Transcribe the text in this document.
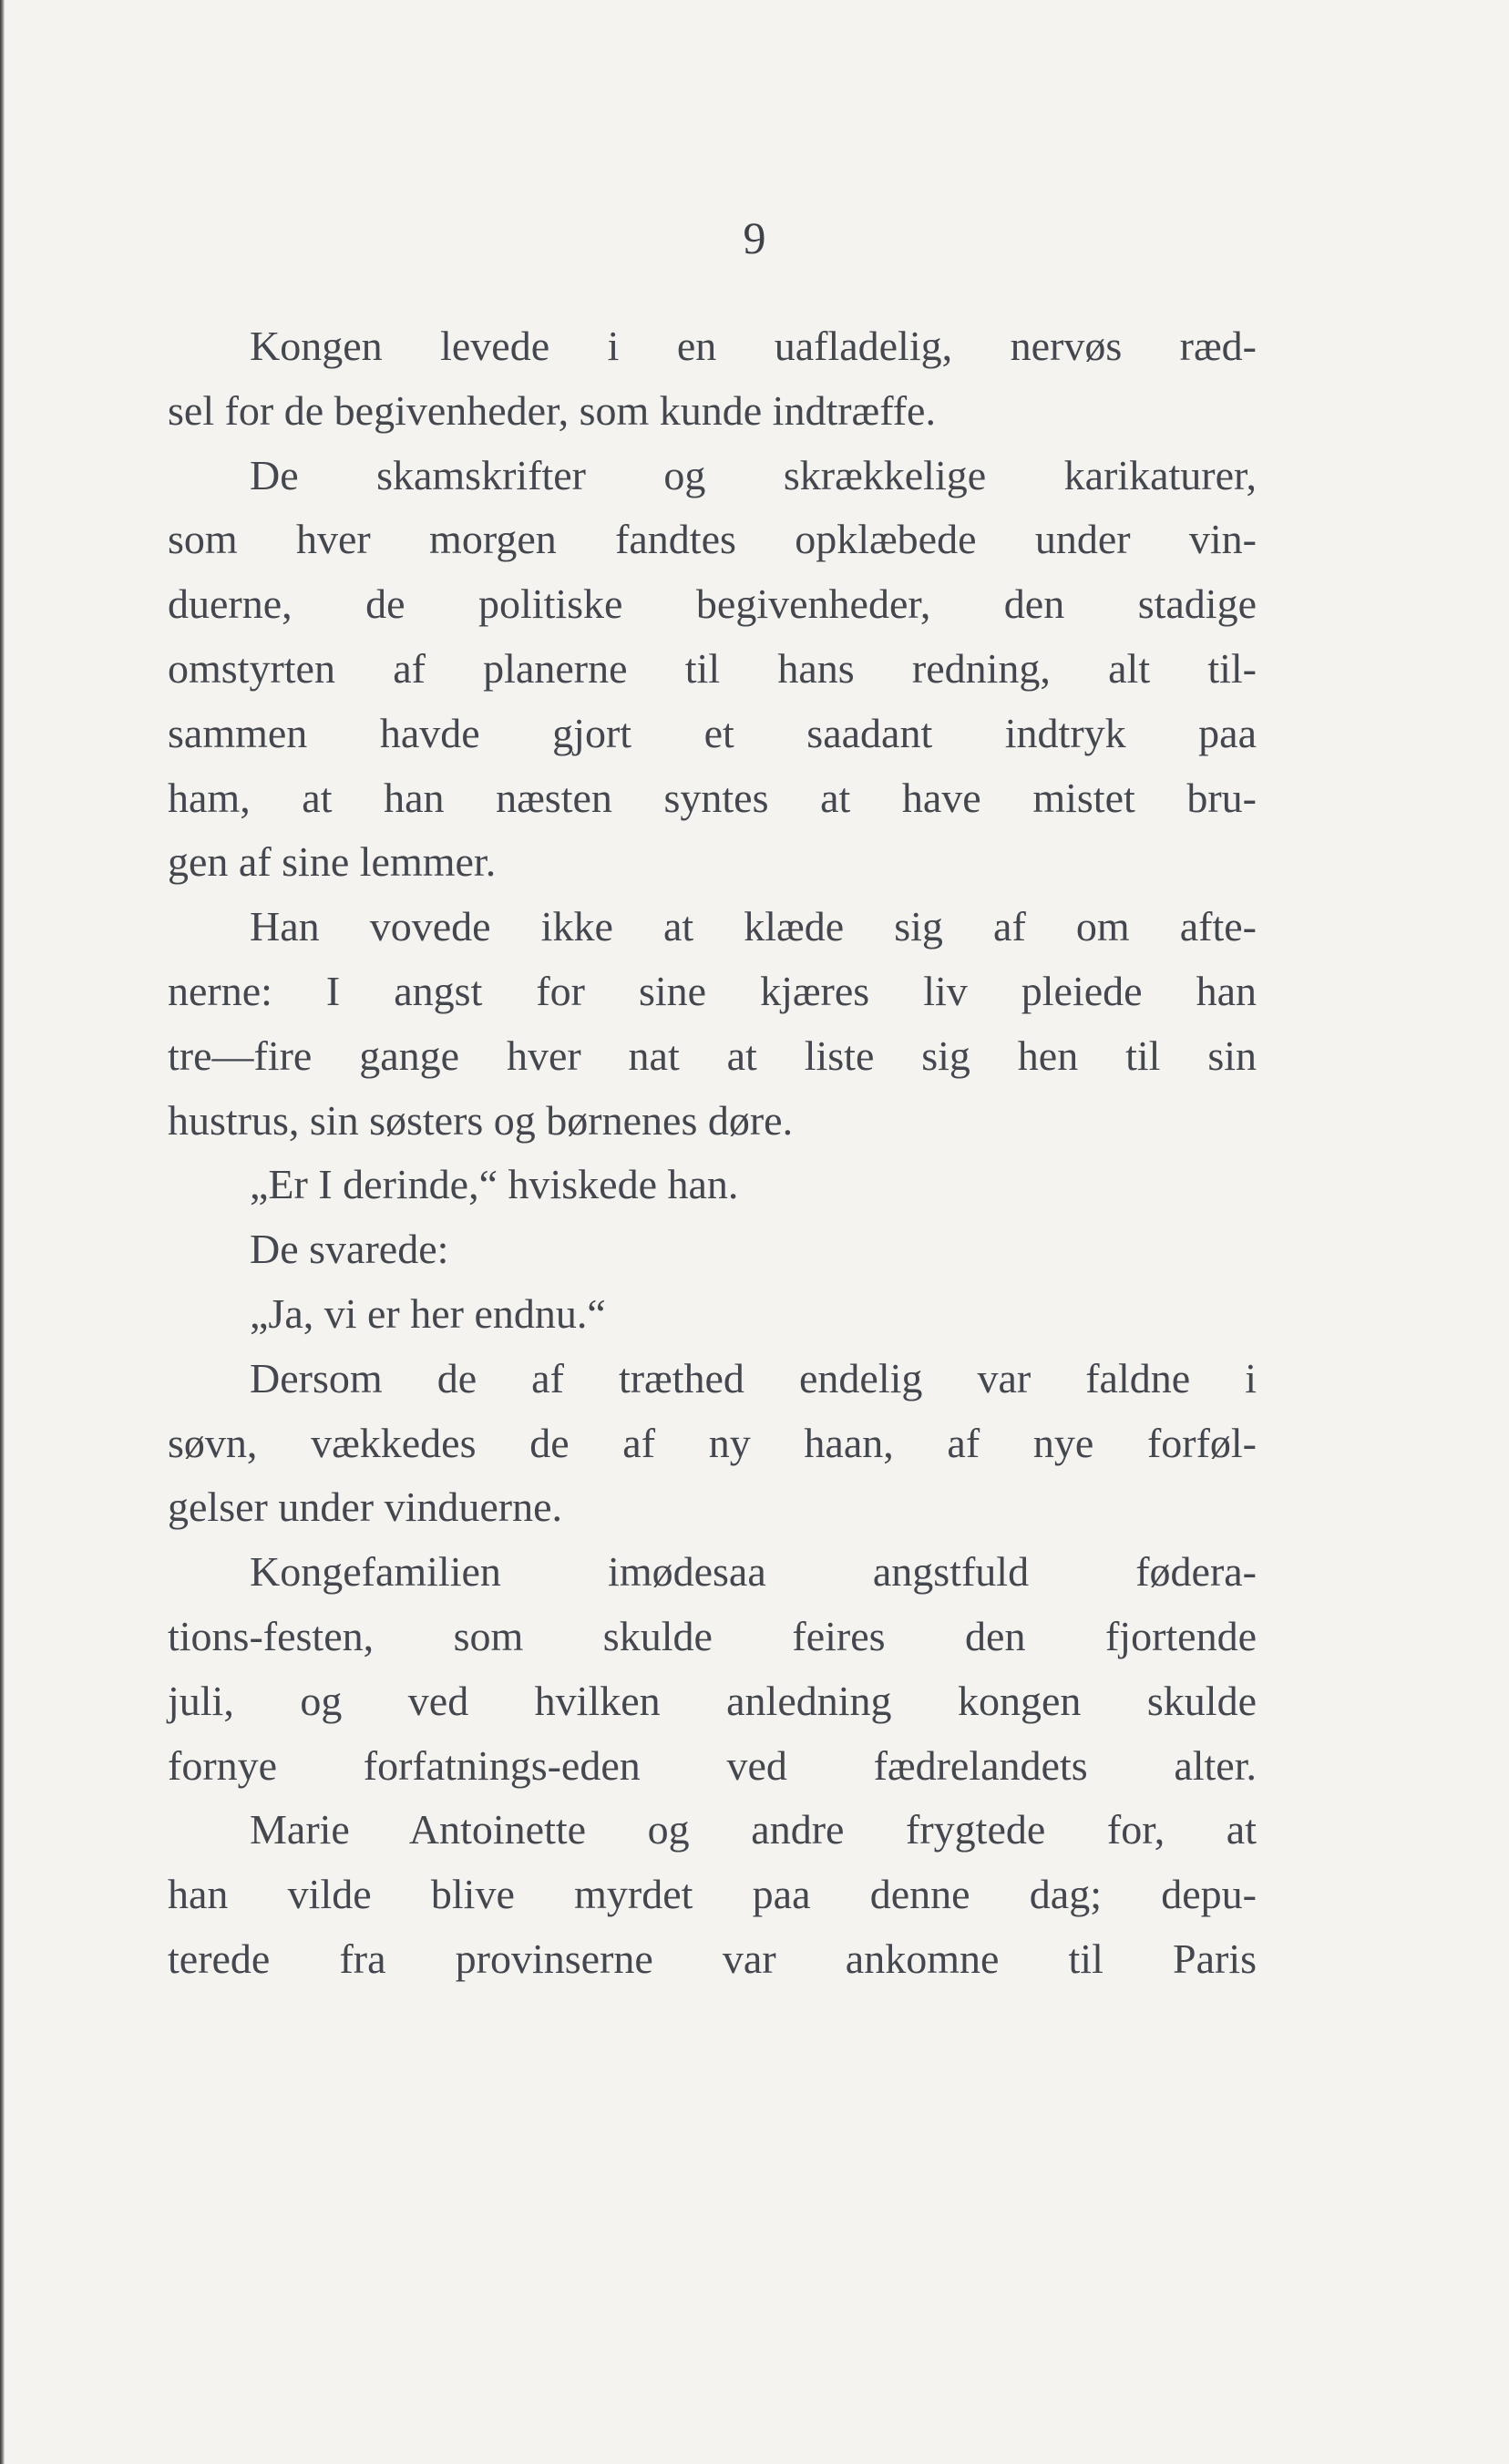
9
Kongen levede i en uafladelig, nervøs ræd-
sel for de begivenheder, som kunde indtræffe.
De skamskrifter og skrækkelige karikaturer,
som hver morgen fandtes opklæbede under vin-
duerne, de politiske begivenheder, den stadige
omstyrten af planerne til hans redning, alt til-
sammen havde gjort et saadant indtryk paa
ham, at han næsten syntes at have mistet bru-
gen af sine lemmer.
Han vovede ikke at klæde sig af om afte-
nerne: I angst for sine kjæres liv pleiede han
tre—fire gange hver nat at liste sig hen til sin
hustrus, sin søsters og børnenes døre.
„Er I derinde,“ hviskede han.
De svarede:
„Ja, vi er her endnu.“
Dersom de af træthed endelig var faldne i
søvn, vækkedes de af ny haan, af nye forføl-
gelser under vinduerne.
Kongefamilien imødesaa angstfuld føderа-
tions-festen, som skulde feires den fjortende
juli, og ved hvilken anledning kongen skulde
fornye forfatnings-eden ved fædrelandets alter.
Marie Antoinette og andre frygtede for, at
han vilde blive myrdet paa denne dag; depu-
terede fra provinserne var ankomne til Paris
